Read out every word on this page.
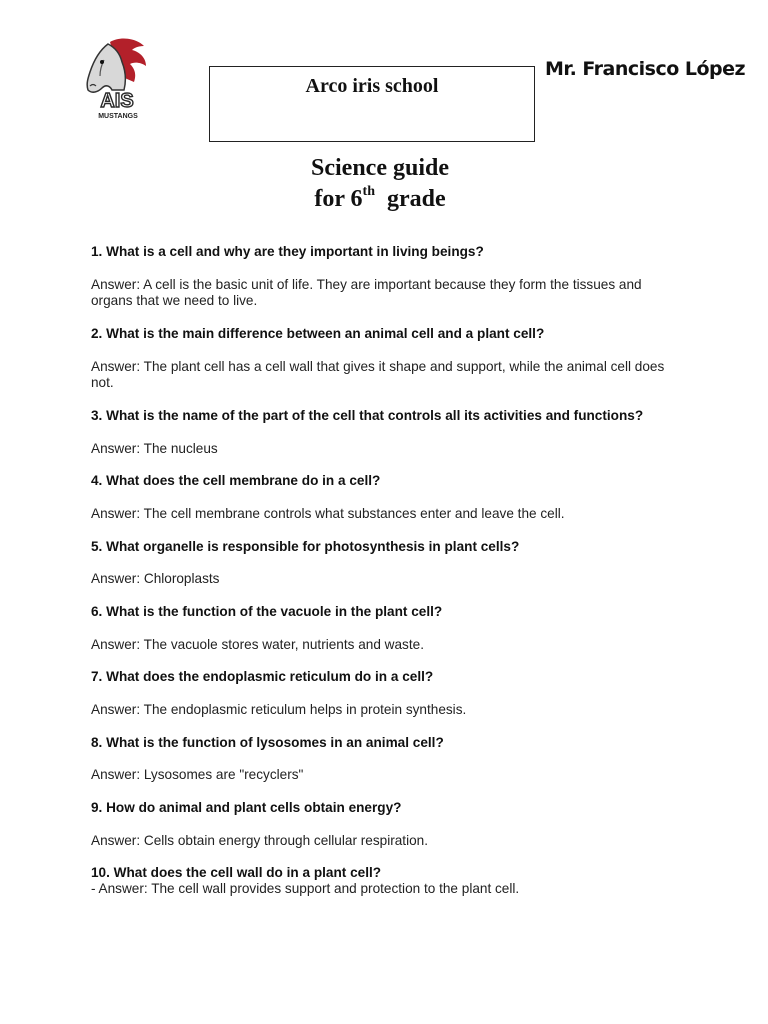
AIS
MUSTANGS
Arco iris school
Mr. Francisco López
Science guide
for 6th grade

1. What is a cell and why are they important in living beings?

Answer: A cell is the basic unit of life. They are important because they form the tissues and organs that we need to live.

2. What is the main difference between an animal cell and a plant cell?

Answer: The plant cell has a cell wall that gives it shape and support, while the animal cell does not.

3. What is the name of the part of the cell that controls all its activities and functions?

Answer: The nucleus

4. What does the cell membrane do in a cell?

Answer: The cell membrane controls what substances enter and leave the cell.

5. What organelle is responsible for photosynthesis in plant cells?

Answer: Chloroplasts

6. What is the function of the vacuole in the plant cell?

Answer: The vacuole stores water, nutrients and waste.

7. What does the endoplasmic reticulum do in a cell?

Answer: The endoplasmic reticulum helps in protein synthesis.

8. What is the function of lysosomes in an animal cell?

Answer: Lysosomes are "recyclers"

9. How do animal and plant cells obtain energy?

Answer: Cells obtain energy through cellular respiration.

10. What does the cell wall do in a plant cell?

- Answer: The cell wall provides support and protection to the plant cell.
